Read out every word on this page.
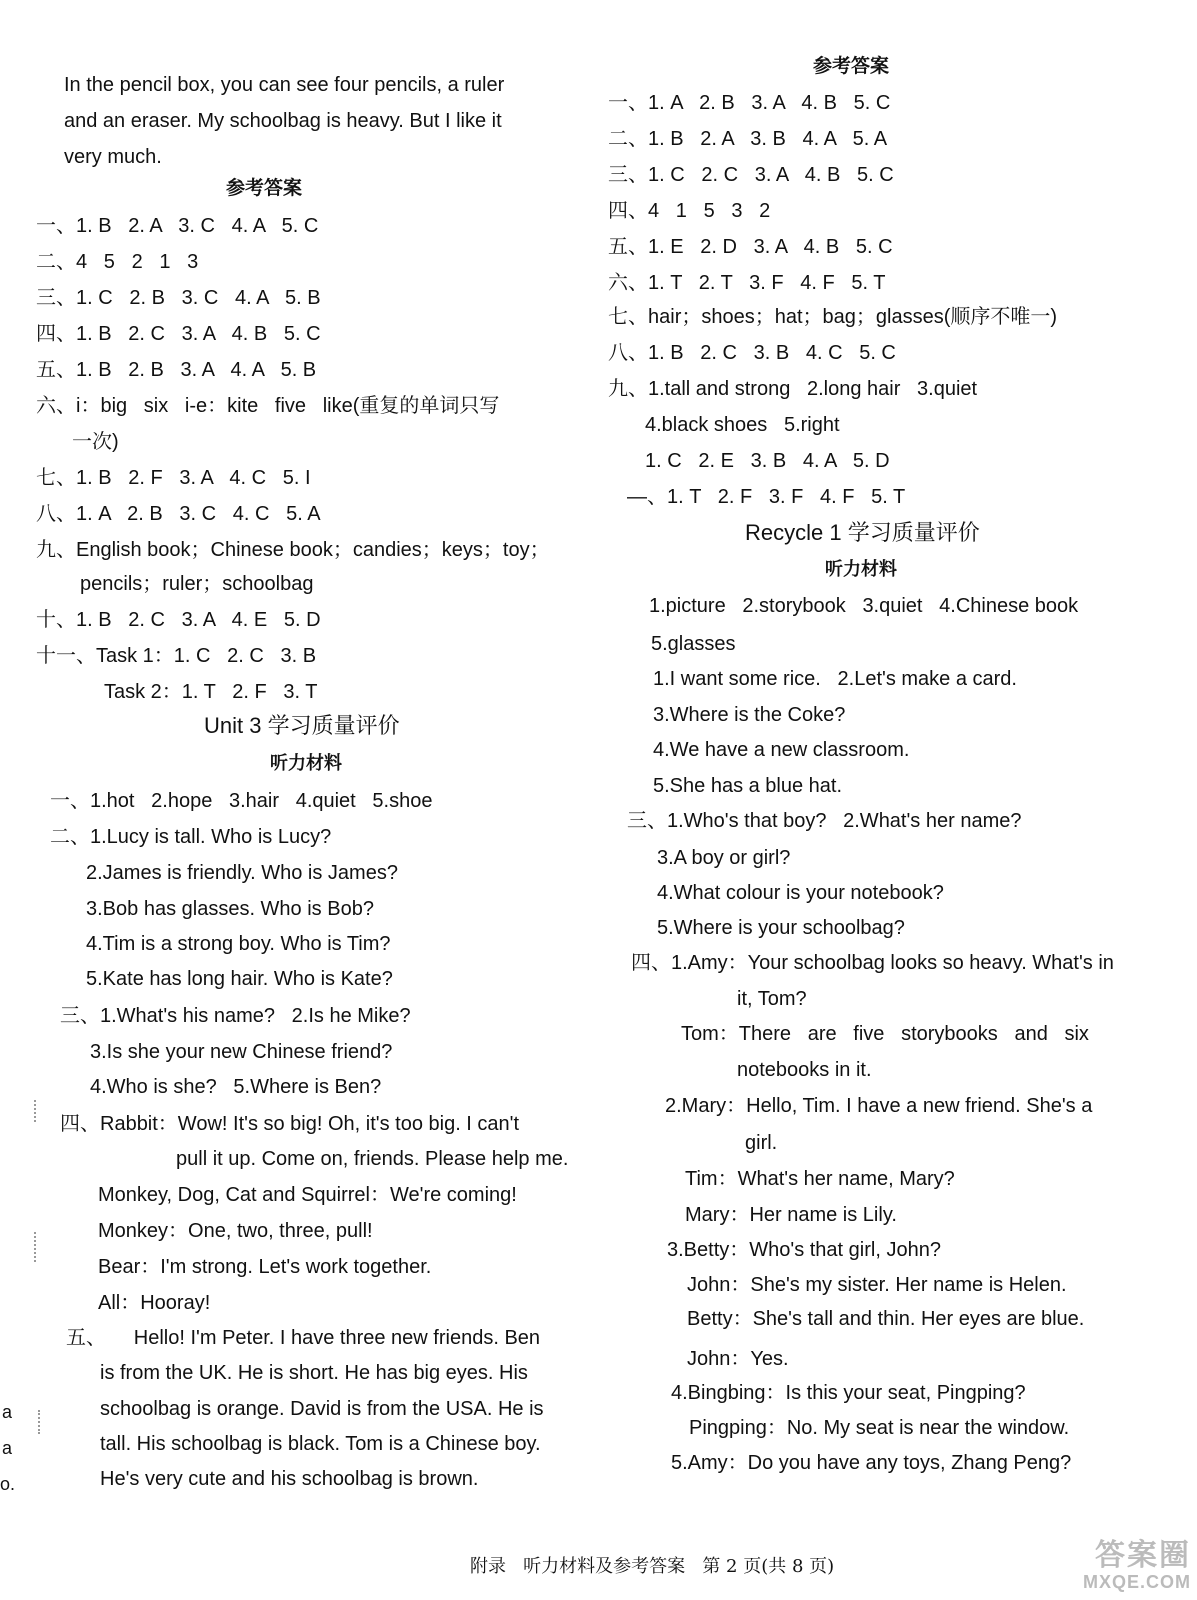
In the pencil box, you can see four pencils, a ruler
and an eraser. My schoolbag is heavy. But I like it
very much.
参考答案
一、1. B   2. A   3. C   4. A   5. C
二、4   5   2   1   3
三、1. C   2. B   3. C   4. A   5. B
四、1. B   2. C   3. A   4. B   5. C
五、1. B   2. B   3. A   4. A   5. B
六、i：big   six   i-e：kite   five   like(重复的单词只写
一次)
七、1. B   2. F   3. A   4. C   5. I
八、1. A   2. B   3. C   4. C   5. A
九、English book；Chinese book；candies；keys；toy；
pencils；ruler；schoolbag
十、1. B   2. C   3. A   4. E   5. D
十一、Task 1：1. C   2. C   3. B
Task 2：1. T   2. F   3. T
Unit 3 学习质量评价
听力材料
一、1.hot   2.hope   3.hair   4.quiet   5.shoe
二、1.Lucy is tall. Who is Lucy?
2.James is friendly. Who is James?
3.Bob has glasses. Who is Bob?
4.Tim is a strong boy. Who is Tim?
5.Kate has long hair. Who is Kate?
三、1.What's his name?   2.Is he Mike?
3.Is she your new Chinese friend?
4.Who is she?   5.Where is Ben?
四、Rabbit：Wow! It's so big! Oh, it's too big. I can't
pull it up. Come on, friends. Please help me.
Monkey, Dog, Cat and Squirrel：We're coming!
Monkey：One, two, three, pull!
Bear：I'm strong. Let's work together.
All：Hooray!
五、     Hello! I'm Peter. I have three new friends. Ben
is from the UK. He is short. He has big eyes. His
schoolbag is orange. David is from the USA. He is
tall. His schoolbag is black. Tom is a Chinese boy.
He's very cute and his schoolbag is brown.
参考答案
一、1. A   2. B   3. A   4. B   5. C
二、1. B   2. A   3. B   4. A   5. A
三、1. C   2. C   3. A   4. B   5. C
四、4   1   5   3   2
五、1. E   2. D   3. A   4. B   5. C
六、1. T   2. T   3. F   4. F   5. T
七、hair；shoes；hat；bag；glasses(顺序不唯一)
八、1. B   2. C   3. B   4. C   5. C
九、1.tall and strong   2.long hair   3.quiet
4.black shoes   5.right
1. C   2. E   3. B   4. A   5. D
—、1. T   2. F   3. F   4. F   5. T
Recycle 1 学习质量评价
听力材料
1.picture   2.storybook   3.quiet   4.Chinese book
5.glasses
1.I want some rice.   2.Let's make a card.
3.Where is the Coke?
4.We have a new classroom.
5.She has a blue hat.
三、1.Who's that boy?   2.What's her name?
3.A boy or girl?
4.What colour is your notebook?
5.Where is your schoolbag?
四、1.Amy：Your schoolbag looks so heavy. What's in
it, Tom?
Tom：There   are   five   storybooks   and   six
notebooks in it.
2.Mary：Hello, Tim. I have a new friend. She's a
girl.
Tim：What's her name, Mary?
Mary：Her name is Lily.
3.Betty：Who's that girl, John?
John：She's my sister. Her name is Helen.
Betty：She's tall and thin. Her eyes are blue.
John：Yes.
4.Bingbing：Is this your seat, Pingping?
Pingping：No. My seat is near the window.
5.Amy：Do you have any toys, Zhang Peng?
a
a
o.
附录   听力材料及参考答案   第 2 页(共 8 页)	答案圈
MXQE.COM
